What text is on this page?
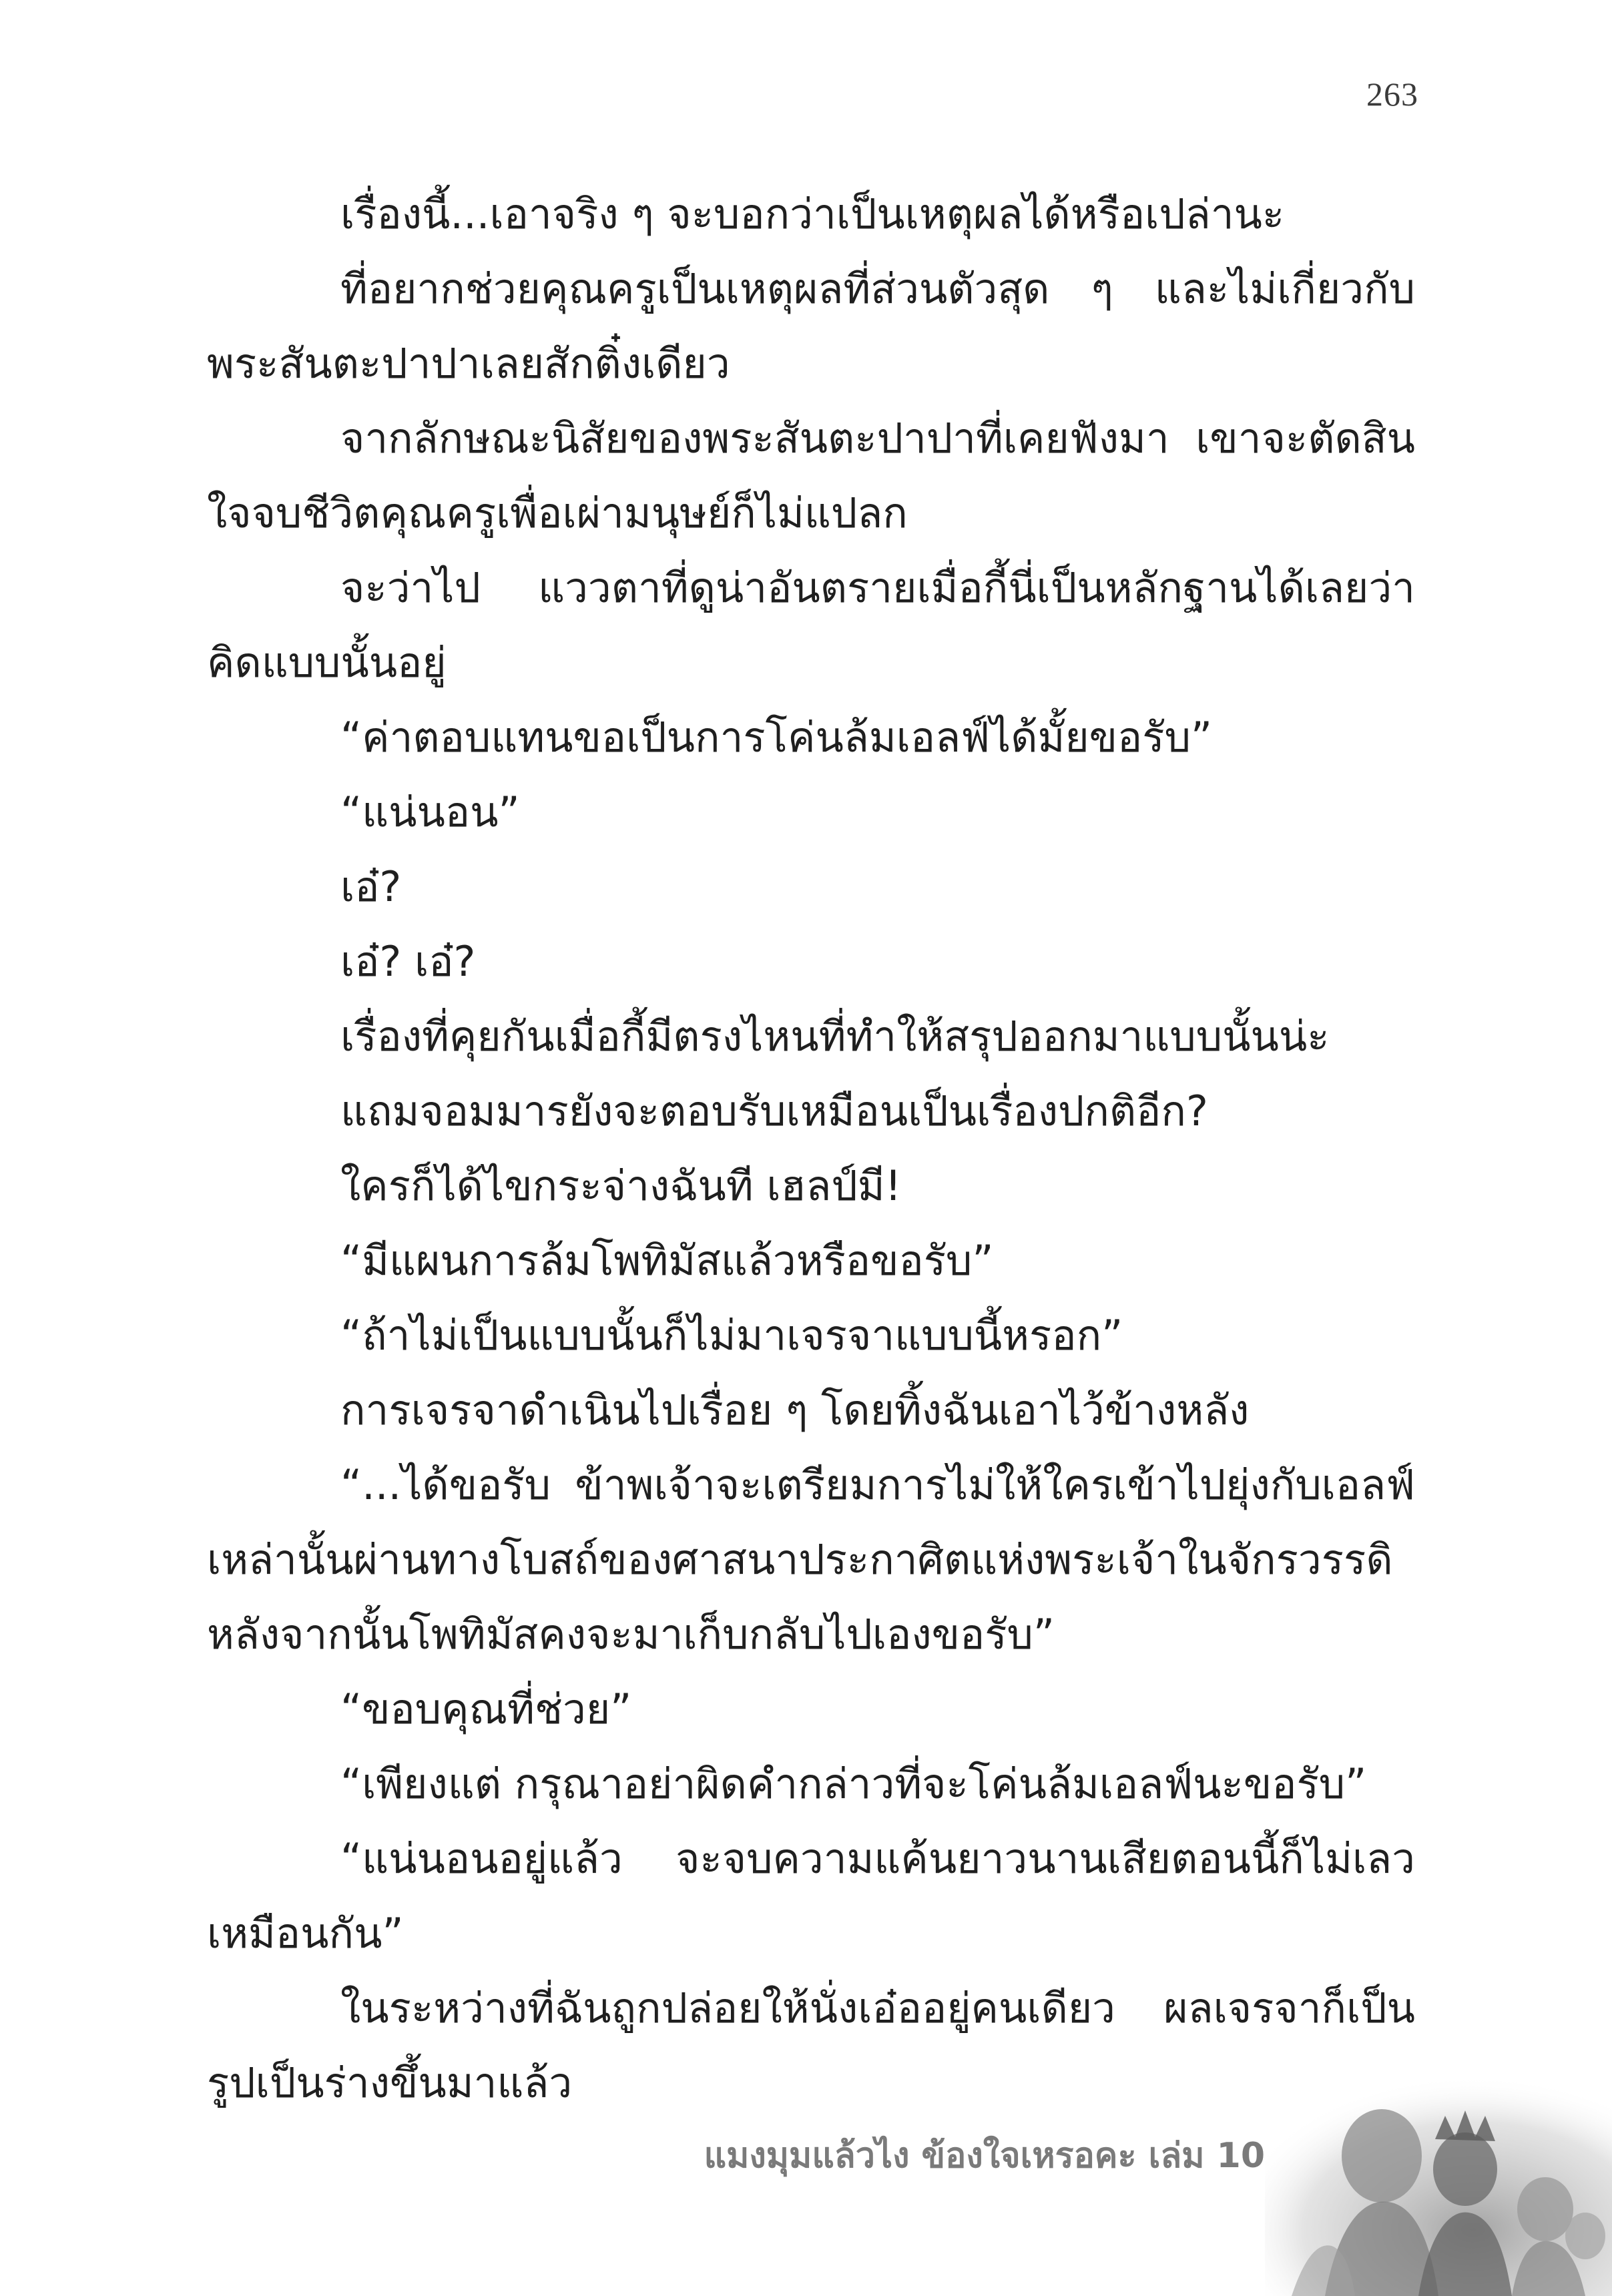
263

เรื่องนี้...เอาจริง ๆ จะบอกว่าเป็นเหตุผลได้หรือเปล่านะ

ที่อยากช่วยคุณครูเป็นเหตุผลที่ส่วนตัวสุด ๆ และไม่เกี่ยวกับพระสันตะปาปาเลยสักติ๋งเดียว

จากลักษณะนิสัยของพระสันตะปาปาที่เคยฟังมา เขาจะตัดสินใจจบชีวิตคุณครูเพื่อเผ่ามนุษย์ก็ไม่แปลก

จะว่าไป แววตาที่ดูน่าอันตรายเมื่อกี้นี่เป็นหลักฐานได้เลยว่าคิดแบบนั้นอยู่

“ค่าตอบแทนขอเป็นการโค่นล้มเอลฟ์ได้มั้ยขอรับ”

“แน่นอน”

เอ๋?

เอ๋? เอ๋?

เรื่องที่คุยกันเมื่อกี้มีตรงไหนที่ทำให้สรุปออกมาแบบนั้นน่ะ

แถมจอมมารยังจะตอบรับเหมือนเป็นเรื่องปกติอีก?

ใครก็ได้ไขกระจ่างฉันที เฮลป์มี!

“มีแผนการล้มโพทิมัสแล้วหรือขอรับ”

“ถ้าไม่เป็นแบบนั้นก็ไม่มาเจรจาแบบนี้หรอก”

การเจรจาดำเนินไปเรื่อย ๆ โดยทิ้งฉันเอาไว้ข้างหลัง

“...ได้ขอรับ ข้าพเจ้าจะเตรียมการไม่ให้ใครเข้าไปยุ่งกับเอลฟ์เหล่านั้นผ่านทางโบสถ์ของศาสนาประกาศิตแห่งพระเจ้าในจักรวรรดิ หลังจากนั้นโพทิมัสคงจะมาเก็บกลับไปเองขอรับ”

“ขอบคุณที่ช่วย”

“เพียงแต่ กรุณาอย่าผิดคำกล่าวที่จะโค่นล้มเอลฟ์นะขอรับ”

“แน่นอนอยู่แล้ว จะจบความแค้นยาวนานเสียตอนนี้ก็ไม่เลวเหมือนกัน”

ในระหว่างที่ฉันถูกปล่อยให้นั่งเอ๋ออยู่คนเดียว ผลเจรจาก็เป็นรูปเป็นร่างขึ้นมาแล้ว

แมงมุมแล้วไง ข้องใจเหรอคะ เล่ม 10
